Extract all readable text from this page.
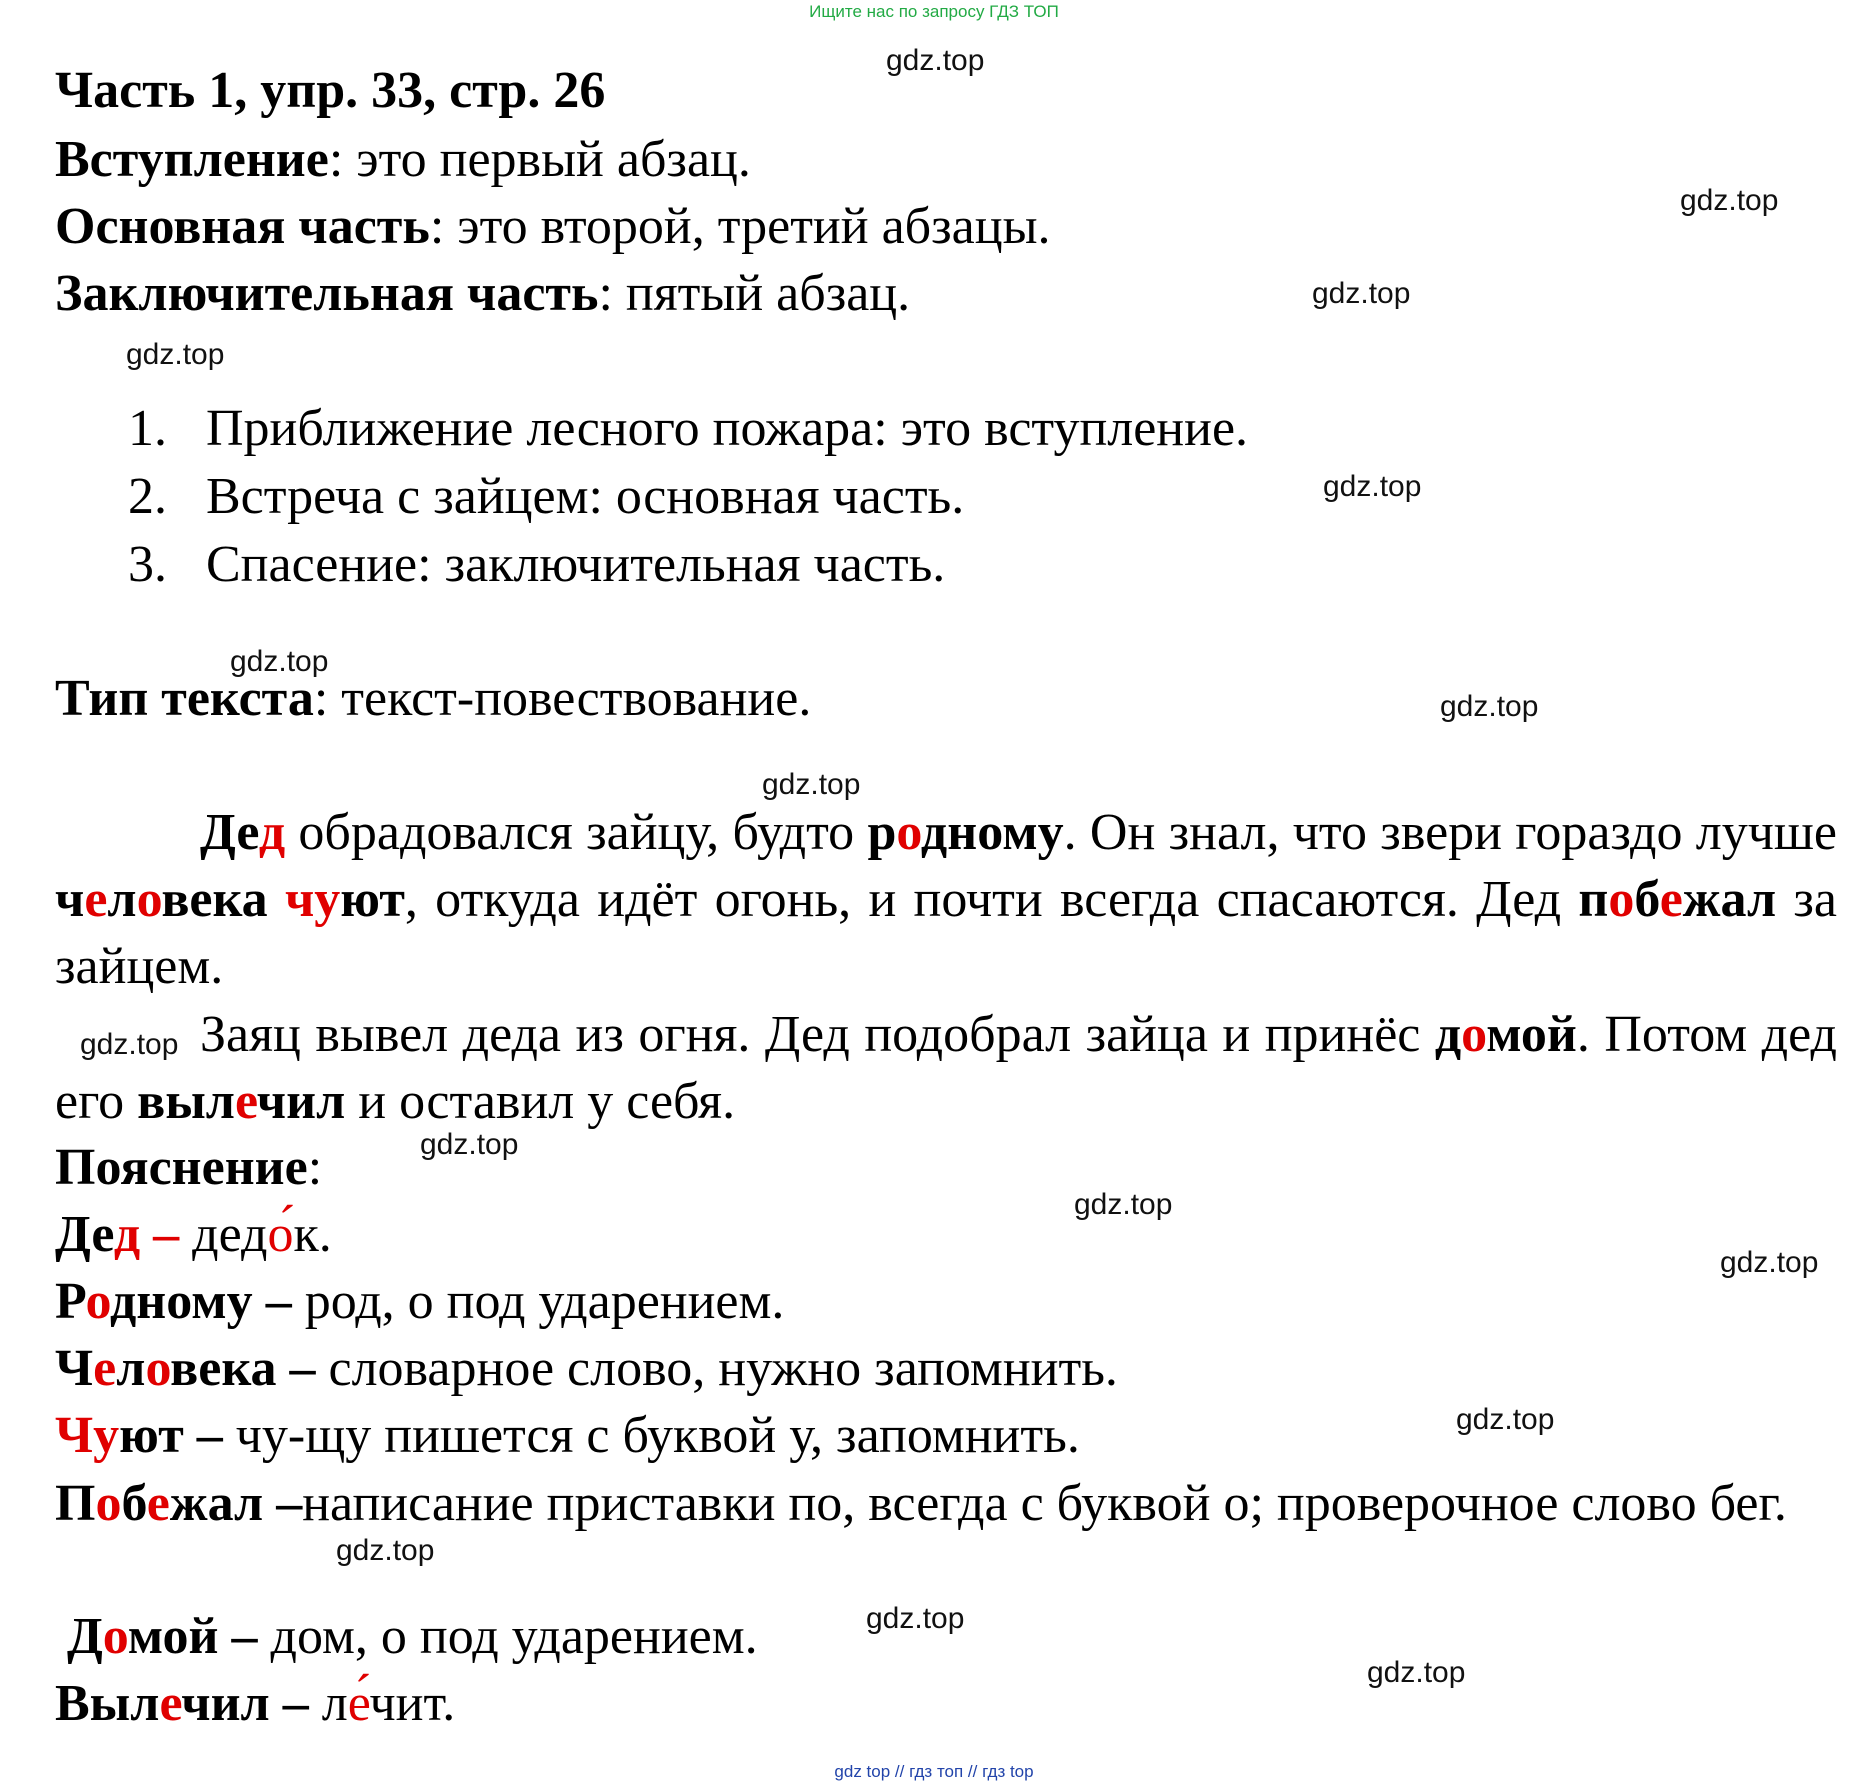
Ищите нас по запросу ГДЗ ТОП
gdz.top
gdz.top
gdz.top
gdz.top
gdz.top
gdz.top
gdz.top
gdz.top
gdz.top
gdz.top
gdz.top
gdz.top
gdz.top
gdz.top
gdz.top
gdz.top
Часть 1, упр. 33, стр. 26
Вступление: это первый абзац.
Основная часть: это второй, третий абзацы.
Заключительная часть: пятый абзац.
1. Приближение лесного пожара: это вступление.
2. Встреча с зайцем: основная часть.
3. Спасение: заключительная часть.
Тип текста: текст-повествование.
Дед обрадовался зайцу, будто родному. Он знал, что звери гораздо лучше человека чуют, откуда идёт огонь, и почти всегда спасаются. Дед побежал за зайцем.
Заяц вывел деда из огня. Дед подобрал зайца и принёс домой. Потом дед его вылечил и оставил у себя.
Пояснение:
Дед – дедо́к.
Родному – род, о под ударением.
Человека – словарное слово, нужно запомнить.
Чуют – чу-щу пишется с буквой у, запомнить.
Побежал –написание приставки по, всегда с буквой о; проверочное слово бег.
Домой – дом, о под ударением.
Вылечил – ле́чит.
gdz top // гдз топ // гдз top
